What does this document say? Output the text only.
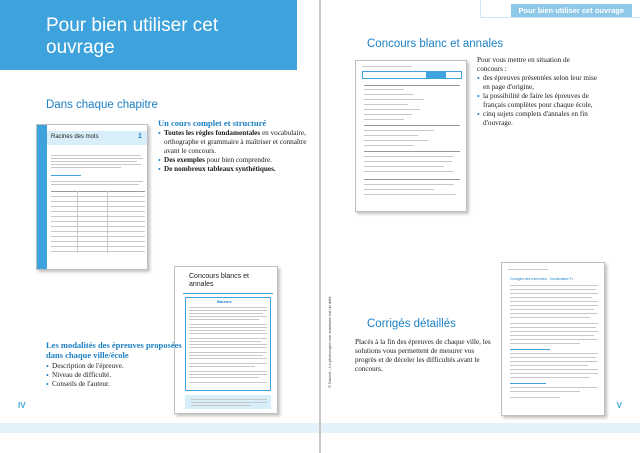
Pour bien utiliser cet ouvrage
Dans chaque chapitre
Racines des mots	1
Un cours complet et structuré
• Toutes les règles fondamentales en vocabulaire, orthographe et grammaire à maîtriser et connaître avant le concours.
• Des exemples pour bien comprendre.
• De nombreux tableaux synthétiques.
Concours blancs et annales
Barème
Les modalités des épreuves proposées dans chaque ville/école
• Description de l'épreuve.
• Niveau de difficulté.
• Conseils de l'auteur.
IV
Pour bien utiliser cet ouvrage
Concours blanc et annales
Pour vous mettre en situation de concours :
• des épreuves présentées selon leur mise en page d'origine,
• la possibilité de faire les épreuves de français complètes pour chaque école,
• cinq sujets complets d'annales en fin d'ouvrage.
Corrigés des exercices - Vocabulaire Fr
© Dunod – La photocopie non autorisée est un délit.	Corrigés détaillés
Placés à la fin des épreuves de chaque ville, les solutions vous permettent de mesurer vos progrès et de déceler les difficultés avant le concours.
V
